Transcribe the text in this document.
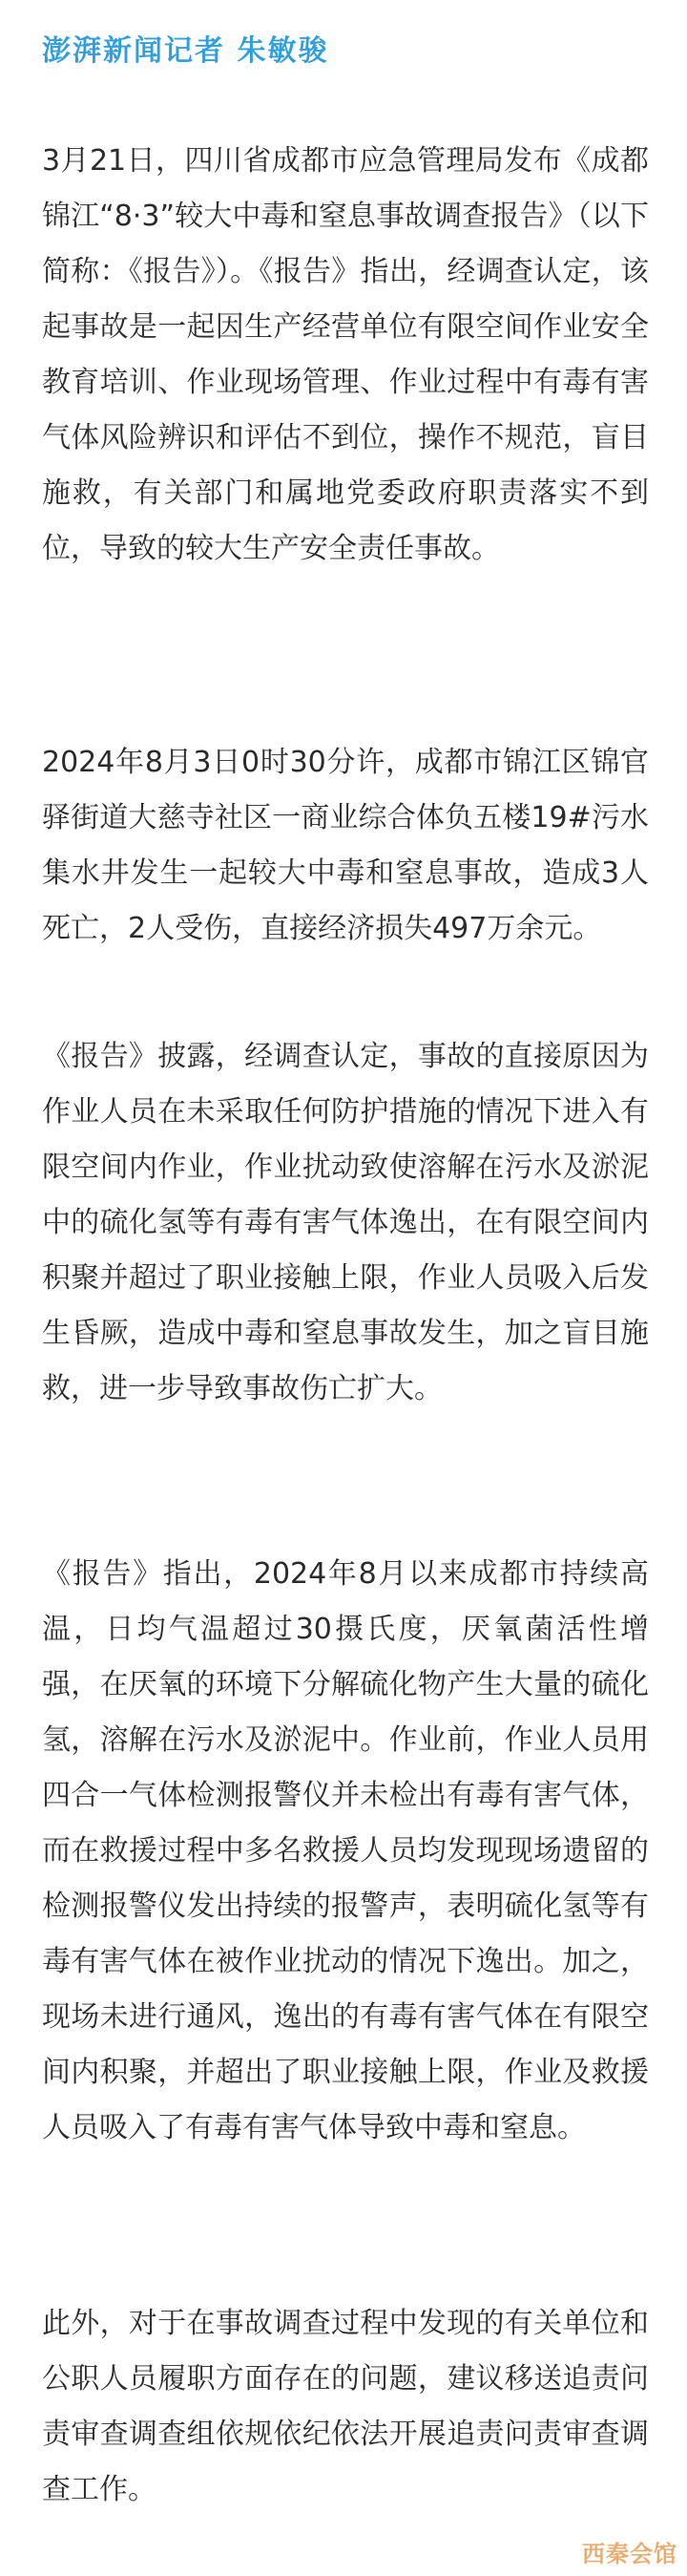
澎湃新闻记者 朱敏骏

3月21日，四川省成都市应急管理局发布《成都锦江“8·3”较大中毒和窒息事故调查报告》（以下简称：《报告》）。《报告》指出，经调查认定，该起事故是一起因生产经营单位有限空间作业安全教育培训、作业现场管理、作业过程中有毒有害气体风险辨识和评估不到位，操作不规范，盲目施救，有关部门和属地党委政府职责落实不到位，导致的较大生产安全责任事故。

2024年8月3日0时30分许，成都市锦江区锦官驿街道大慈寺社区一商业综合体负五楼19#污水集水井发生一起较大中毒和窒息事故，造成3人死亡，2人受伤，直接经济损失497万余元。

《报告》披露，经调查认定，事故的直接原因为作业人员在未采取任何防护措施的情况下进入有限空间内作业，作业扰动致使溶解在污水及淤泥中的硫化氢等有毒有害气体逸出，在有限空间内积聚并超过了职业接触上限，作业人员吸入后发生昏厥，造成中毒和窒息事故发生，加之盲目施救，进一步导致事故伤亡扩大。

《报告》指出，2024年8月以来成都市持续高温，日均气温超过30摄氏度，厌氧菌活性增强，在厌氧的环境下分解硫化物产生大量的硫化氢，溶解在污水及淤泥中。作业前，作业人员用四合一气体检测报警仪并未检出有毒有害气体，而在救援过程中多名救援人员均发现现场遗留的检测报警仪发出持续的报警声，表明硫化氢等有毒有害气体在被作业扰动的情况下逸出。加之，现场未进行通风，逸出的有毒有害气体在有限空间内积聚，并超出了职业接触上限，作业及救援人员吸入了有毒有害气体导致中毒和窒息。

此外，对于在事故调查过程中发现的有关单位和公职人员履职方面存在的问题，建议移送追责问责审查调查组依规依纪依法开展追责问责审查调查工作。

西秦会馆
